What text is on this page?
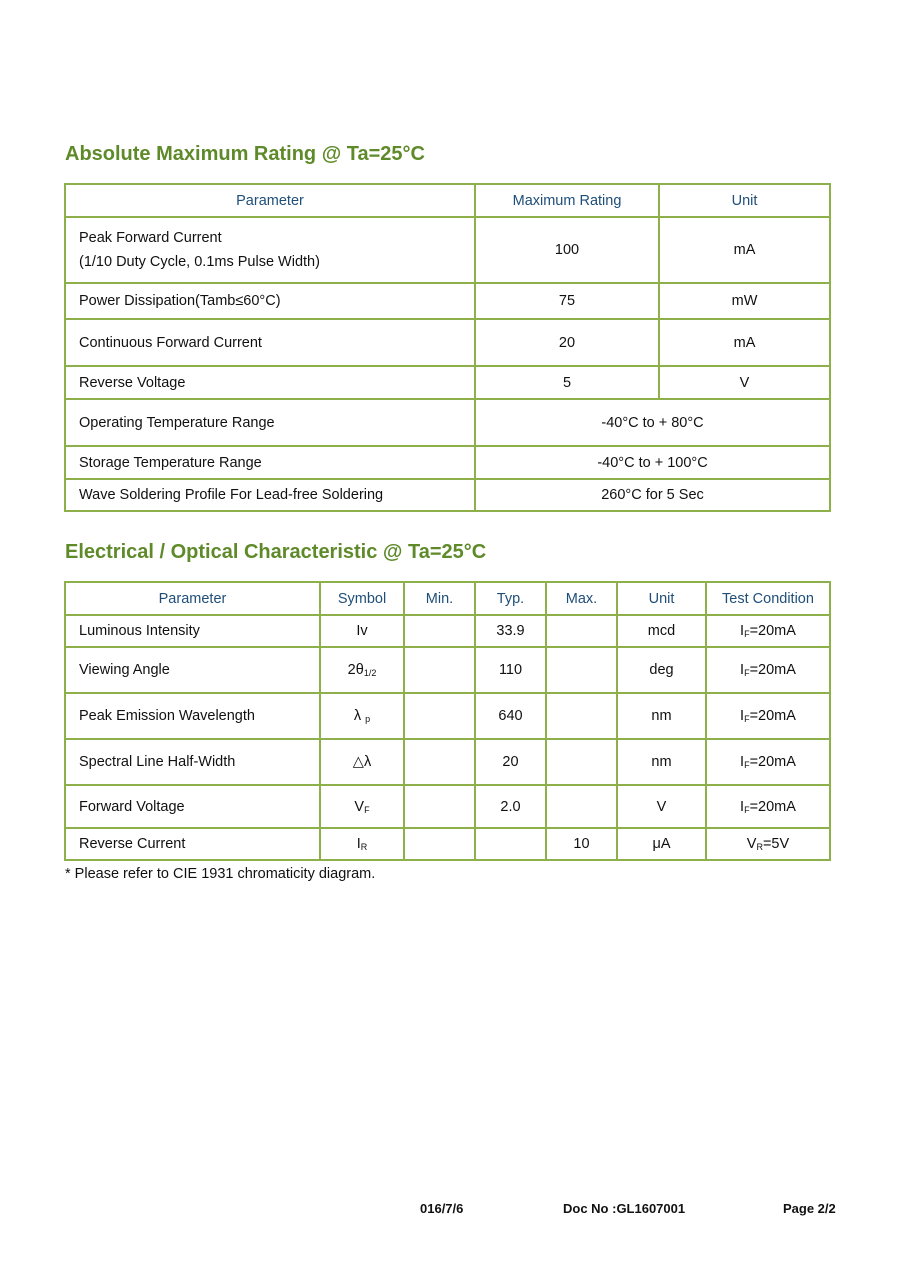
Absolute Maximum Rating @ Ta=25°C
Parameter	Maximum Rating	Unit

Peak Forward Current
(1/10 Duty Cycle, 0.1ms Pulse Width)	100	mA
Power Dissipation(Tamb≤60°C)	75	mW
Continuous Forward Current	20	mA
Reverse Voltage	5	V
Operating Temperature Range	-40°C to + 80°C	
Storage Temperature Range	-40°C to + 100°C	
Wave Soldering Profile For Lead-free Soldering	260°C for 5 Sec	
Electrical / Optical Characteristic @ Ta=25°C
Parameter	Symbol	Min.	Typ.	Max.	Unit	Test Condition
Luminous Intensity	Iv		33.9		mcd	$I_F=20mA$
Viewing Angle	$2\theta_{1/2}$		110		deg	$I_F=20mA$
Peak Emission Wavelength	λ $_p$		640		nm	$I_F=20mA$
Spectral Line Half-Width	△λ		20		nm	$I_F=20mA$
Forward Voltage	$V_F$		2.0		V	$I_F=20mA$
Reverse Current	$I_R$			10	μA	$V_R=5V$
* Please refer to CIE 1931 chromaticity diagram.
016/7/6	Doc No :GL1607001	Page 2/2
